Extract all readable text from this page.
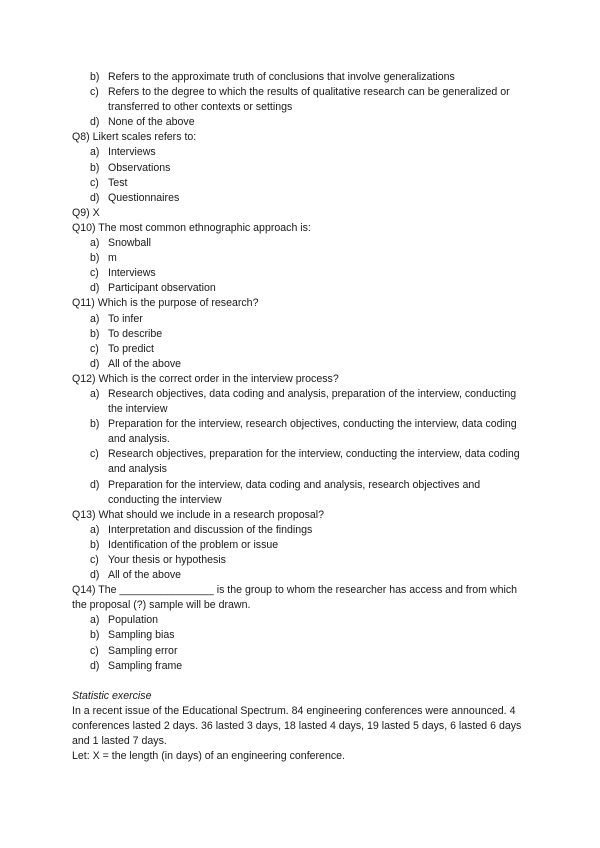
b) Refers to the approximate truth of conclusions that involve generalizations
c) Refers to the degree to which the results of qualitative research can be generalized or transferred to other contexts or settings
d) None of the above

Q8) Likert scales refers to:

a) Interviews
b) Observations
c) Test
d) Questionnaires

Q9) X

Q10) The most common ethnographic approach is:

a) Snowball
b) m
c) Interviews
d) Participant observation

Q11) Which is the purpose of research?

a) To infer
b) To describe
c) To predict
d) All of the above

Q12) Which is the correct order in the interview process?

a) Research objectives, data coding and analysis, preparation of the interview, conducting the interview
b) Preparation for the interview, research objectives, conducting the interview, data coding and analysis.
c) Research objectives, preparation for the interview, conducting the interview, data coding and analysis
d) Preparation for the interview, data coding and analysis, research objectives and conducting the interview

Q13) What should we include in a research proposal?

a) Interpretation and discussion of the findings
b) Identification of the problem or issue
c) Your thesis or hypothesis
d) All of the above

Q14) The ________________ is the group to whom the researcher has access and from which the proposal (?) sample will be drawn.

a) Population
b) Sampling bias
c) Sampling error
d) Sampling frame

Statistic exercise

In a recent issue of the Educational Spectrum. 84 engineering conferences were announced. 4 conferences lasted 2 days. 36 lasted 3 days, 18 lasted 4 days, 19 lasted 5 days, 6 lasted 6 days and 1 lasted 7 days.

Let: X = the length (in days) of an engineering conference.
